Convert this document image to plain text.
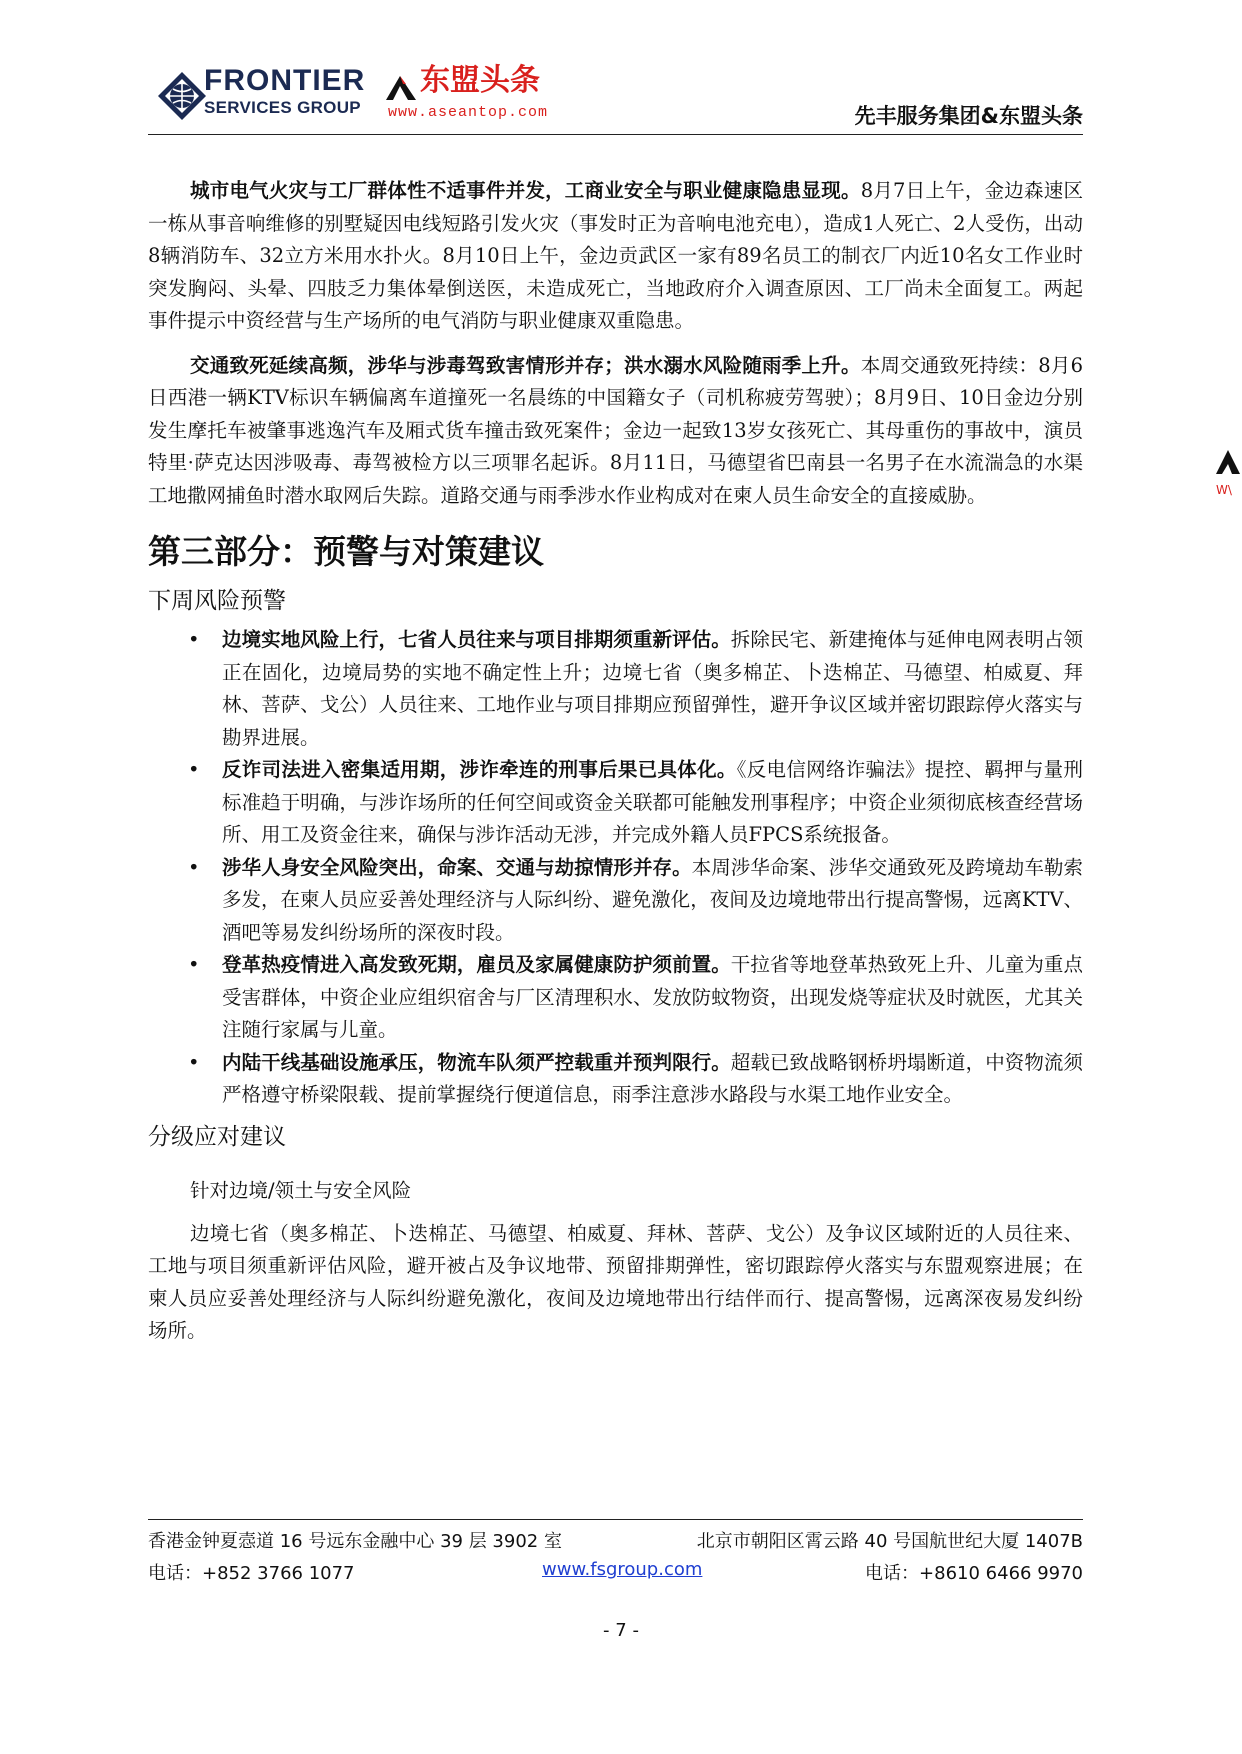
FRONTIER
SERVICES GROUP
东盟头条
www.aseantop.com	先丰服务集团&东盟头条
W\

城市电气火灾与工厂群体性不适事件并发，工商业安全与职业健康隐患显现。8月7日上午，金边森速区一栋从事音响维修的别墅疑因电线短路引发火灾（事发时正为音响电池充电），造成1人死亡、2人受伤，出动8辆消防车、32立方米用水扑火。8月10日上午，金边贡武区一家有89名员工的制衣厂内近10名女工作业时突发胸闷、头晕、四肢乏力集体晕倒送医，未造成死亡，当地政府介入调查原因、工厂尚未全面复工。两起事件提示中资经营与生产场所的电气消防与职业健康双重隐患。

交通致死延续高频，涉华与涉毒驾致害情形并存；洪水溺水风险随雨季上升。本周交通致死持续：8月6日西港一辆KTV标识车辆偏离车道撞死一名晨练的中国籍女子（司机称疲劳驾驶）；8月9日、10日金边分别发生摩托车被肇事逃逸汽车及厢式货车撞击致死案件；金边一起致13岁女孩死亡、其母重伤的事故中，演员特里·萨克达因涉吸毒、毒驾被检方以三项罪名起诉。8月11日，马德望省巴南县一名男子在水流湍急的水渠工地撒网捕鱼时潜水取网后失踪。道路交通与雨季涉水作业构成对在柬人员生命安全的直接威胁。

第三部分：预警与对策建议
下周风险预警
• 边境实地风险上行，七省人员往来与项目排期须重新评估。拆除民宅、新建掩体与延伸电网表明占领正在固化，边境局势的实地不确定性上升；边境七省（奥多棉芷、卜迭棉芷、马德望、柏威夏、拜林、菩萨、戈公）人员往来、工地作业与项目排期应预留弹性，避开争议区域并密切跟踪停火落实与勘界进展。
• 反诈司法进入密集适用期，涉诈牵连的刑事后果已具体化。《反电信网络诈骗法》提控、羁押与量刑标准趋于明确，与涉诈场所的任何空间或资金关联都可能触发刑事程序；中资企业须彻底核查经营场所、用工及资金往来，确保与涉诈活动无涉，并完成外籍人员FPCS系统报备。
• 涉华人身安全风险突出，命案、交通与劫掠情形并存。本周涉华命案、涉华交通致死及跨境劫车勒索多发，在柬人员应妥善处理经济与人际纠纷、避免激化，夜间及边境地带出行提高警惕，远离KTV、酒吧等易发纠纷场所的深夜时段。
• 登革热疫情进入高发致死期，雇员及家属健康防护须前置。干拉省等地登革热致死上升、儿童为重点受害群体，中资企业应组织宿舍与厂区清理积水、发放防蚊物资，出现发烧等症状及时就医，尤其关注随行家属与儿童。
• 内陆干线基础设施承压，物流车队须严控载重并预判限行。超载已致战略钢桥坍塌断道，中资物流须严格遵守桥梁限载、提前掌握绕行便道信息，雨季注意涉水路段与水渠工地作业安全。
分级应对建议
针对边境/领土与安全风险

边境七省（奥多棉芷、卜迭棉芷、马德望、柏威夏、拜林、菩萨、戈公）及争议区域附近的人员往来、工地与项目须重新评估风险，避开被占及争议地带、预留排期弹性，密切跟踪停火落实与东盟观察进展；在柬人员应妥善处理经济与人际纠纷避免激化，夜间及边境地带出行结伴而行、提高警惕，远离深夜易发纠纷场所。

香港金钟夏悫道 16 号远东金融中心 39 层 3902 室	北京市朝阳区霄云路 40 号国航世纪大厦 1407B
电话：+852 3766 1077	www.fsgroup.com	电话：+8610 6466 9970
- 7 -
